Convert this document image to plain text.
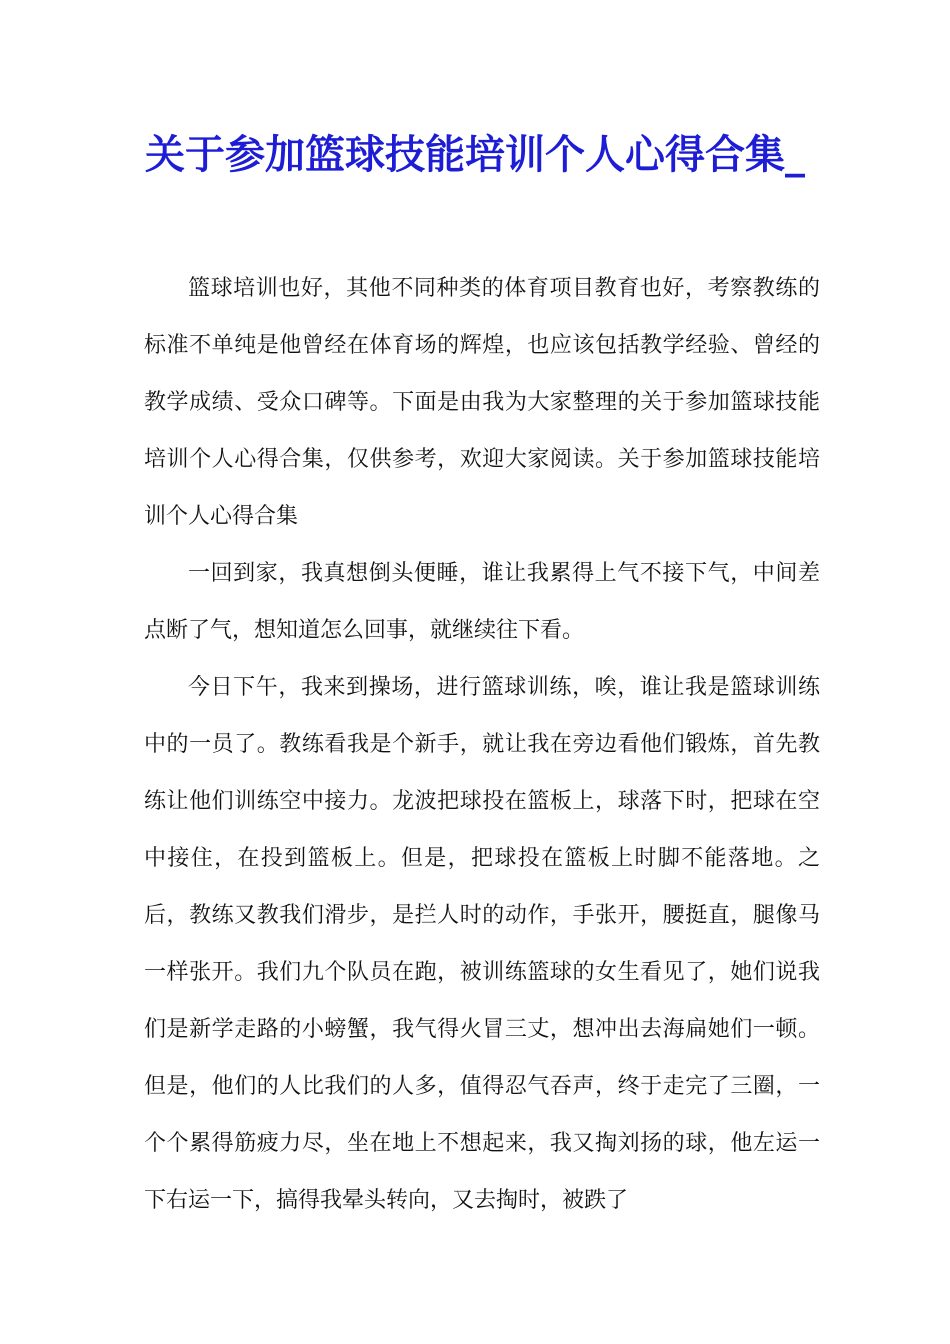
关于参加篮球技能培训个人心得合集_

篮球培训也好，其他不同种类的体育项目教育也好，考察教练的标准不单纯是他曾经在体育场的辉煌，也应该包括教学经验、曾经的教学成绩、受众口碑等。下面是由我为大家整理的关于参加篮球技能培训个人心得合集，仅供参考，欢迎大家阅读。关于参加篮球技能培训个人心得合集

一回到家，我真想倒头便睡，谁让我累得上气不接下气，中间差点断了气，想知道怎么回事，就继续往下看。

今日下午，我来到操场，进行篮球训练，唉，谁让我是篮球训练中的一员了。教练看我是个新手，就让我在旁边看他们锻炼，首先教练让他们训练空中接力。龙波把球投在篮板上，球落下时，把球在空中接住，在投到篮板上。但是，把球投在篮板上时脚不能落地。之后，教练又教我们滑步，是拦人时的动作，手张开，腰挺直，腿像马一样张开。我们九个队员在跑，被训练篮球的女生看见了，她们说我们是新学走路的小螃蟹，我气得火冒三丈，想冲出去海扁她们一顿。但是，他们的人比我们的人多，值得忍气吞声，终于走完了三圈，一个个累得筋疲力尽，坐在地上不想起来，我又掏刘扬的球，他左运一下右运一下，搞得我晕头转向，又去掏时，被跌了
